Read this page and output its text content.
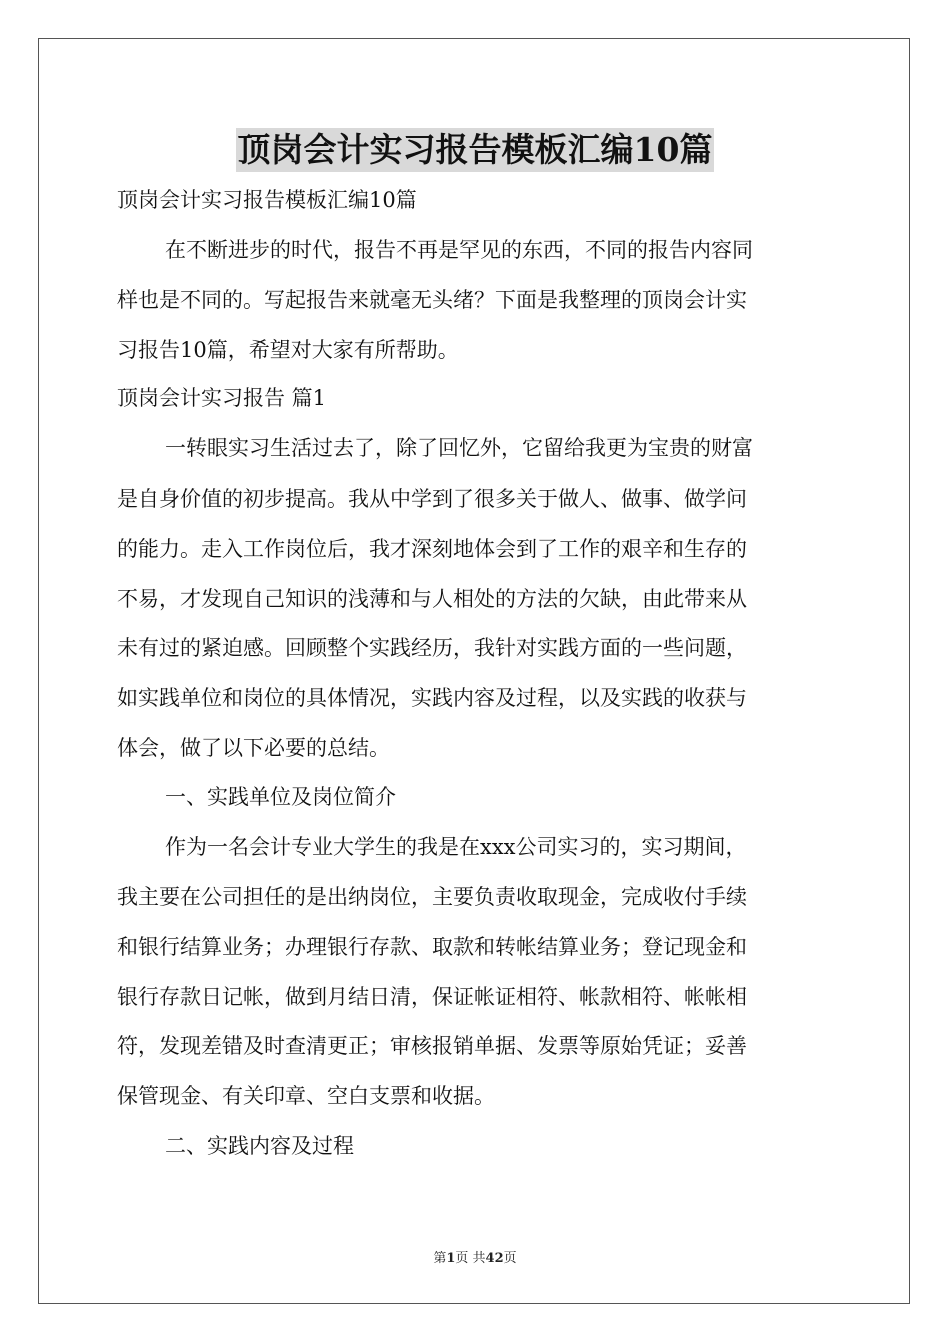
顶岗会计实习报告模板汇编10篇
顶岗会计实习报告模板汇编10篇
在不断进步的时代，报告不再是罕见的东西，不同的报告内容同
样也是不同的。写起报告来就毫无头绪？下面是我整理的顶岗会计实
习报告10篇，希望对大家有所帮助。
顶岗会计实习报告 篇1
一转眼实习生活过去了，除了回忆外，它留给我更为宝贵的财富
是自身价值的初步提高。我从中学到了很多关于做人、做事、做学问
的能力。走入工作岗位后，我才深刻地体会到了工作的艰辛和生存的
不易，才发现自己知识的浅薄和与人相处的方法的欠缺，由此带来从
未有过的紧迫感。回顾整个实践经历，我针对实践方面的一些问题，
如实践单位和岗位的具体情况，实践内容及过程，以及实践的收获与
体会，做了以下必要的总结。
一、实践单位及岗位简介
作为一名会计专业大学生的我是在xxx公司实习的，实习期间，
我主要在公司担任的是出纳岗位，主要负责收取现金，完成收付手续
和银行结算业务；办理银行存款、取款和转帐结算业务；登记现金和
银行存款日记帐，做到月结日清，保证帐证相符、帐款相符、帐帐相
符，发现差错及时查清更正；审核报销单据、发票等原始凭证；妥善
保管现金、有关印章、空白支票和收据。
二、实践内容及过程
第1页 共42页
